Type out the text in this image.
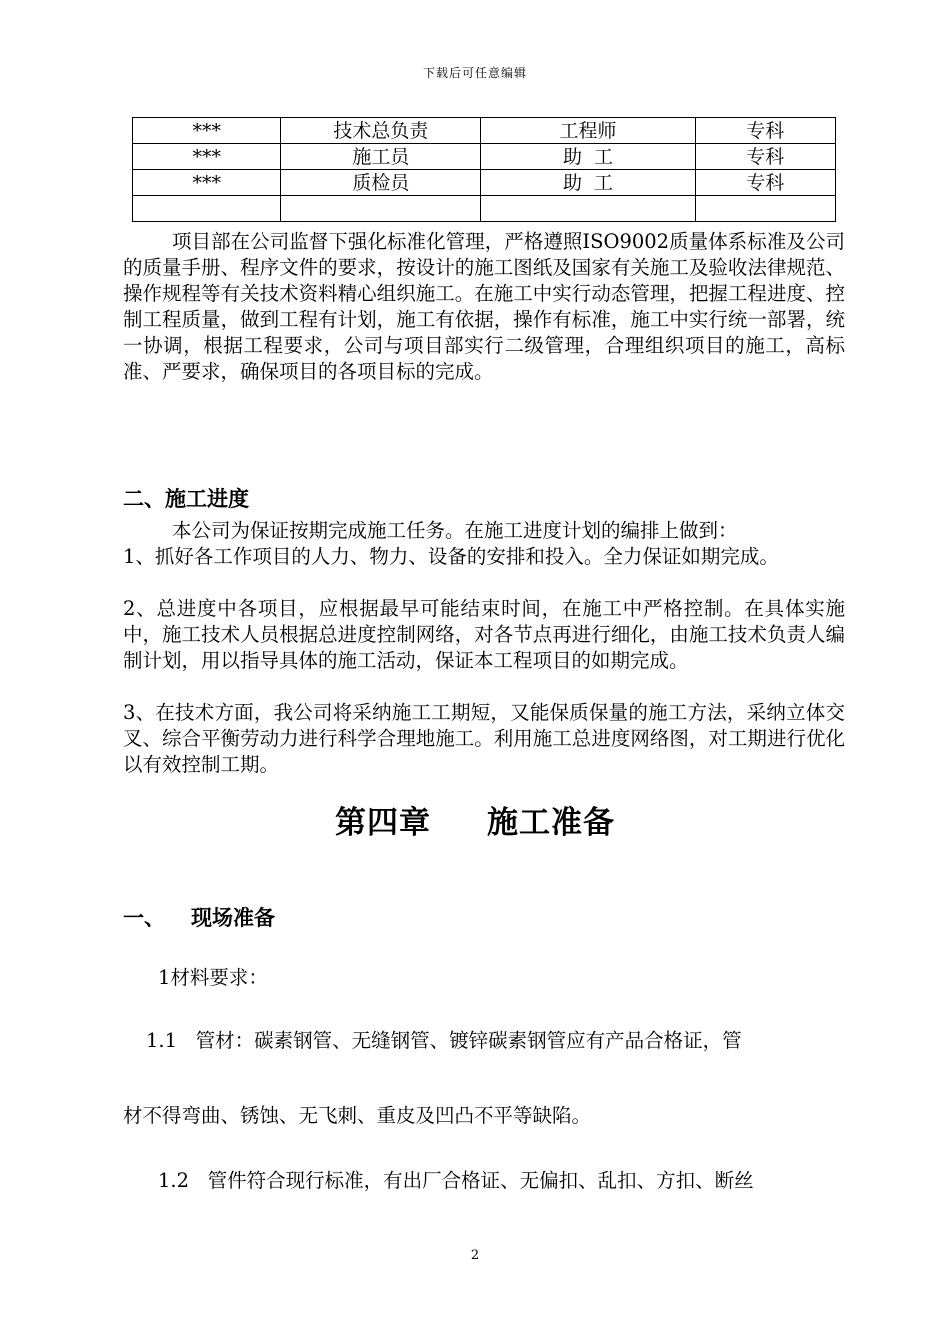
下载后可任意编辑
***	技术总负责	工程师	专科
***	施工员	助  工	专科
***	质检员	助  工	专科

项目部在公司监督下强化标准化管理，严格遵照ISO9002质量体系标准及公司的质量手册、程序文件的要求，按设计的施工图纸及国家有关施工及验收法律规范、操作规程等有关技术资料精心组织施工。在施工中实行动态管理，把握工程进度、控制工程质量，做到工程有计划，施工有依据，操作有标准，施工中实行统一部署，统一协调，根据工程要求，公司与项目部实行二级管理，合理组织项目的施工，高标准、严要求，确保项目的各项目标的完成。

二、施工进度

本公司为保证按期完成施工任务。在施工进度计划的编排上做到：

1、抓好各工作项目的人力、物力、设备的安排和投入。全力保证如期完成。

2、总进度中各项目，应根据最早可能结束时间，在施工中严格控制。在具体实施中，施工技术人员根据总进度控制网络，对各节点再进行细化，由施工技术负责人编制计划，用以指导具体的施工活动，保证本工程项目的如期完成。

3、在技术方面，我公司将采纳施工工期短，又能保质保量的施工方法，采纳立体交叉、综合平衡劳动力进行科学合理地施工。利用施工总进度网络图，对工期进行优化以有效控制工期。

第四章 施工准备
一、 现场准备

1材料要求：

1.1   管材：碳素钢管、无缝钢管、镀锌碳素钢管应有产品合格证，管

材不得弯曲、锈蚀、无飞刺、重皮及凹凸不平等缺陷。

1.2   管件符合现行标准，有出厂合格证、无偏扣、乱扣、方扣、断丝

2
